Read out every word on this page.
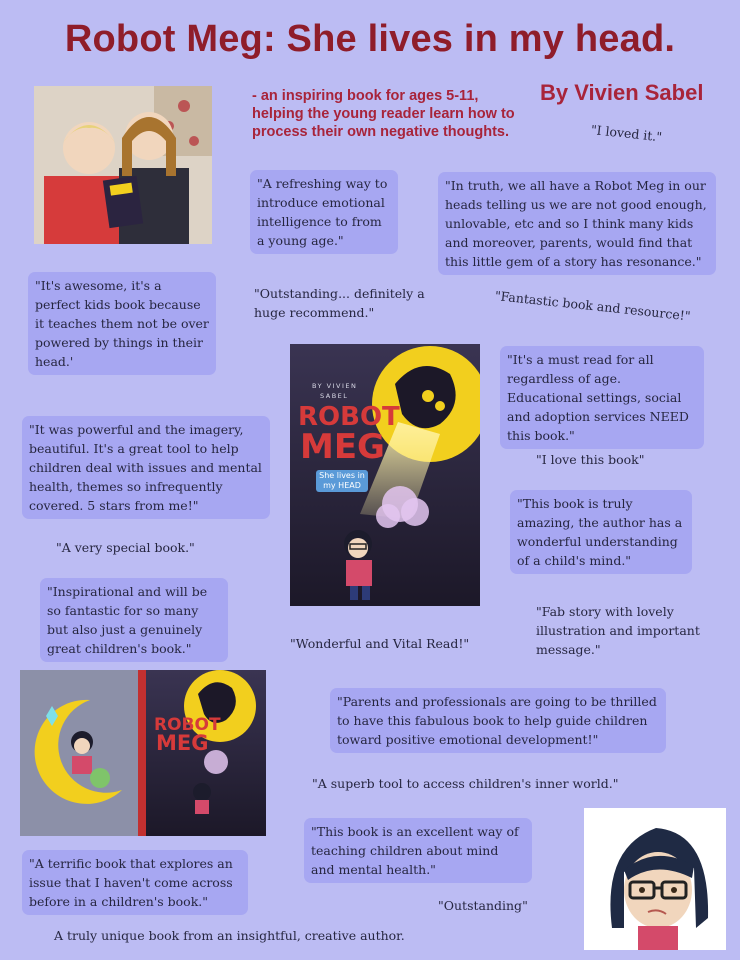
Robot Meg: She lives in my head.
By Vivien Sabel
- an inspiring book for ages 5-11, helping the young reader learn how to process their own negative thoughts.	"I loved it."
"A refreshing way to introduce emotional intelligence to from a young age."
"In truth, we all have a Robot Meg in our heads telling us we are not good enough, unlovable, etc and so I think many kids and moreover, parents, would find that this little gem of a story has resonance."
"It's awesome, it's a perfect kids book because it teaches them not be over powered by things in their head.'
"Outstanding... definitely a huge recommend."	"Fantastic book and resource!"
BY VIVIEN
SABEL
ROBOT
MEG
She lives in my HEAD
"It's a must read for all regardless of age. Educational settings, social and adoption services NEED this book."
"It was powerful and the imagery, beautiful. It's a great tool to help children deal with issues and mental health, themes so infrequently covered. 5 stars from me!"
"I love this book"
"This book is truly amazing, the author has a wonderful understanding of a child's mind."
"A very special book."
"Inspirational and will be so fantastic for so many but also just a genuinely great children's book."
"Fab story with lovely illustration and important message."
"Wonderful and Vital Read!"
ROBOT
MEG
"Parents and professionals are going to be thrilled to have this fabulous book to help guide children toward positive emotional development!"
"A superb tool to access children's inner world."
"This book is an excellent way of teaching children about mind and mental health."
"A terrific book that explores an issue that I haven't come across before in a children's book."	"Outstanding"
A truly unique book from an insightful, creative author.
